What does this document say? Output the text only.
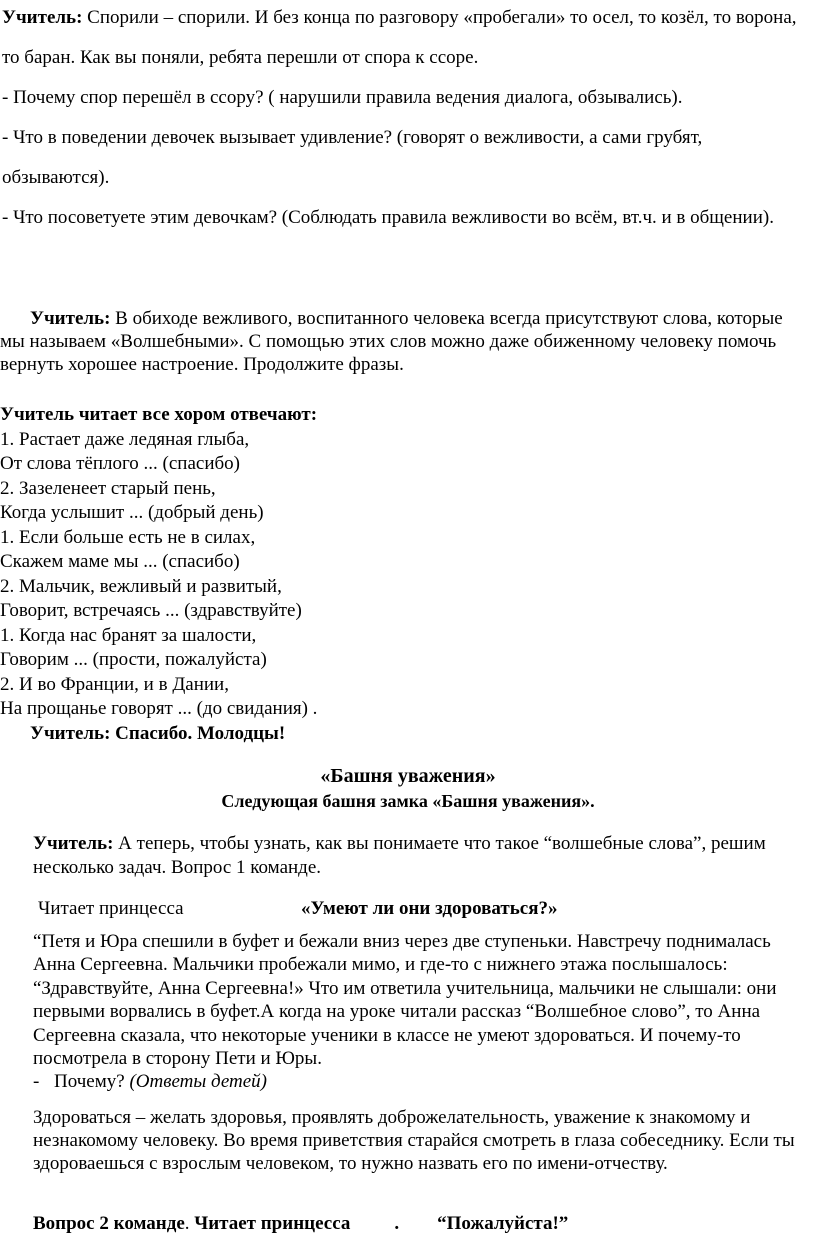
Учитель: Спорили – спорили. И без конца по разговору «пробегали» то осел, то козёл, то ворона, то баран. Как вы поняли, ребята перешли от спора к ссоре.

- Почему спор перешёл в ссору? ( нарушили правила ведения диалога, обзывались).

- Что в поведении девочек вызывает удивление? (говорят о вежливости, а сами грубят, обзываются).

- Что посоветуете этим девочкам? (Соблюдать правила вежливости во всём, вт.ч. и в общении).

Учитель: В обиходе вежливого, воспитанного человека всегда присутствуют слова, которые мы называем «Волшебными». С помощью этих слов можно даже обиженному человеку помочь вернуть хорошее настроение. Продолжите фразы.

Учитель читает все хором отвечают:

1. Растает даже ледяная глыба,

От слова тёплого ... (спасибо)

2. Зазеленеет старый пень,

Когда услышит ... (добрый день)

1. Если больше есть не в силах,

Скажем маме мы ... (спасибо)

2. Мальчик, вежливый и развитый,

Говорит, встречаясь ... (здравствуйте)

1. Когда нас бранят за шалости,

Говорим ... (прости, пожалуйста)

2. И во Франции, и в Дании,

На прощанье говорят ... (до свидания) .

Учитель: Спасибо. Молодцы!

«Башня уважения»

Следующая башня замка «Башня уважения».

Учитель: А теперь, чтобы узнать, как вы понимаете что такое “волшебные слова”, решим несколько задач. Вопрос 1 команде.

Читает принцесса	«Умеют ли они здороваться?»

“Петя и Юра спешили в буфет и бежали вниз через две ступеньки. Навстречу поднималась Анна Сергеевна. Мальчики пробежали мимо, и где-то с нижнего этажа послышалось: “Здравствуйте, Анна Сергеевна!» Что им ответила учительница, мальчики не слышали: они первыми ворвались в буфет.А когда на уроке читали рассказ “Волшебное слово”, то Анна Сергеевна сказала, что некоторые ученики в классе не умеют здороваться. И почему-то посмотрела в сторону Пети и Юры.

- Почему? (Ответы детей)

Здороваться – желать здоровья, проявлять доброжелательность, уважение к знакомому и незнакомому человеку. Во время приветствия старайся смотреть в глаза собеседнику. Если ты здороваешься с взрослым человеком, то нужно назвать его по имени-отчеству.

Вопрос 2 команде. Читает принцесса . “Пожалуйста!”
